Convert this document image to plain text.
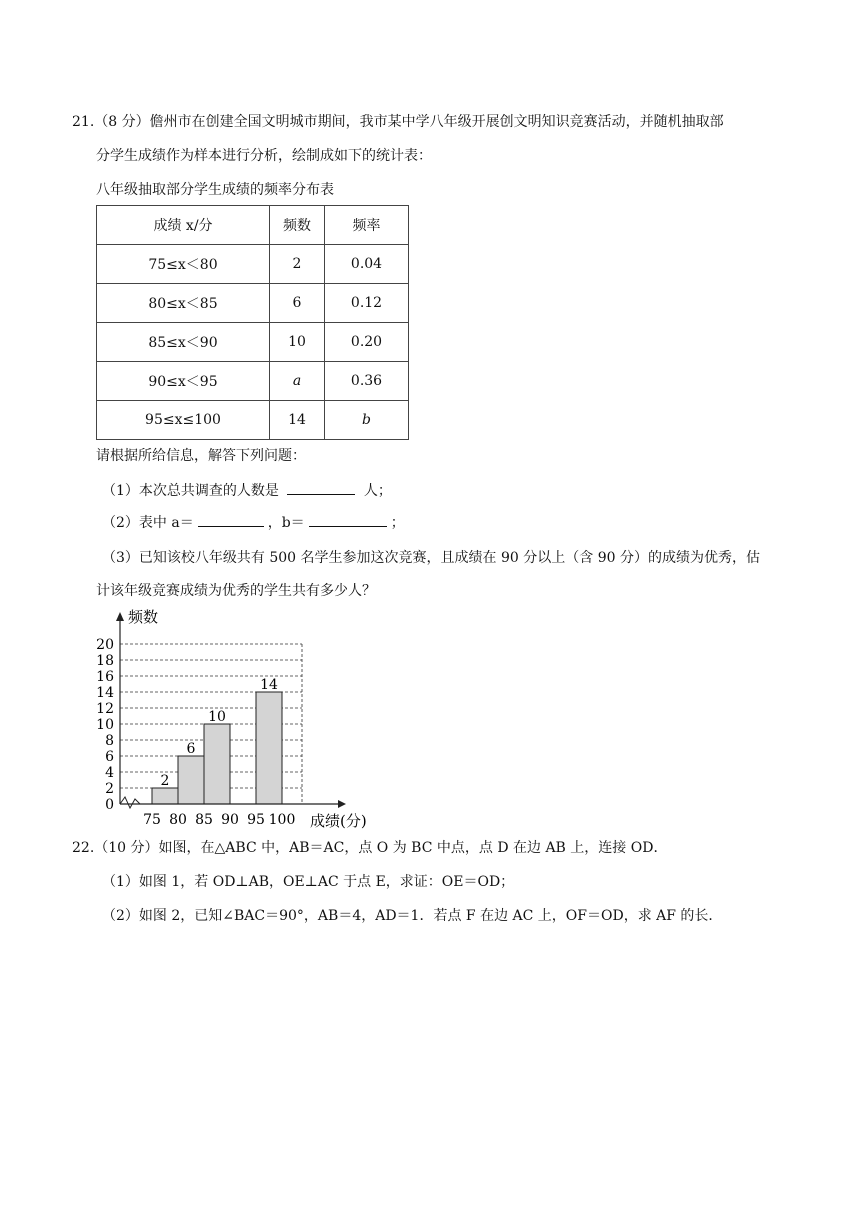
21.（8 分）儋州市在创建全国文明城市期间，我市某中学八年级开展创文明知识竞赛活动，并随机抽取部
分学生成绩作为样本进行分析，绘制成如下的统计表：
八年级抽取部分学生成绩的频率分布表
成绩 x/分	频数	频率
75≤x＜80	2	0.04
80≤x＜85	6	0.12
85≤x＜90	10	0.20
90≤x＜95	a	0.36
95≤x≤100	14	b
请根据所给信息，解答下列问题：
（1）本次总共调查的人数是	人；
（2）表中 a＝	，b＝	；
（3）已知该校八年级共有 500 名学生参加这次竞赛，且成绩在 90 分以上（含 90 分）的成绩为优秀，估
计该年级竞赛成绩为优秀的学生共有多少人？
0
2
4
6
8
10
12
14
16
18
20
2
6
10
14
75 80 85 90 95 100
频数
成绩(分)
22.（10 分）如图，在△ABC 中，AB＝AC，点 O 为 BC 中点，点 D 在边 AB 上，连接 OD．
（1）如图 1，若 OD⊥AB，OE⊥AC 于点 E，求证：OE＝OD；
（2）如图 2，已知∠BAC＝90°，AB＝4，AD＝1．若点 F 在边 AC 上，OF＝OD，求 AF 的长．
